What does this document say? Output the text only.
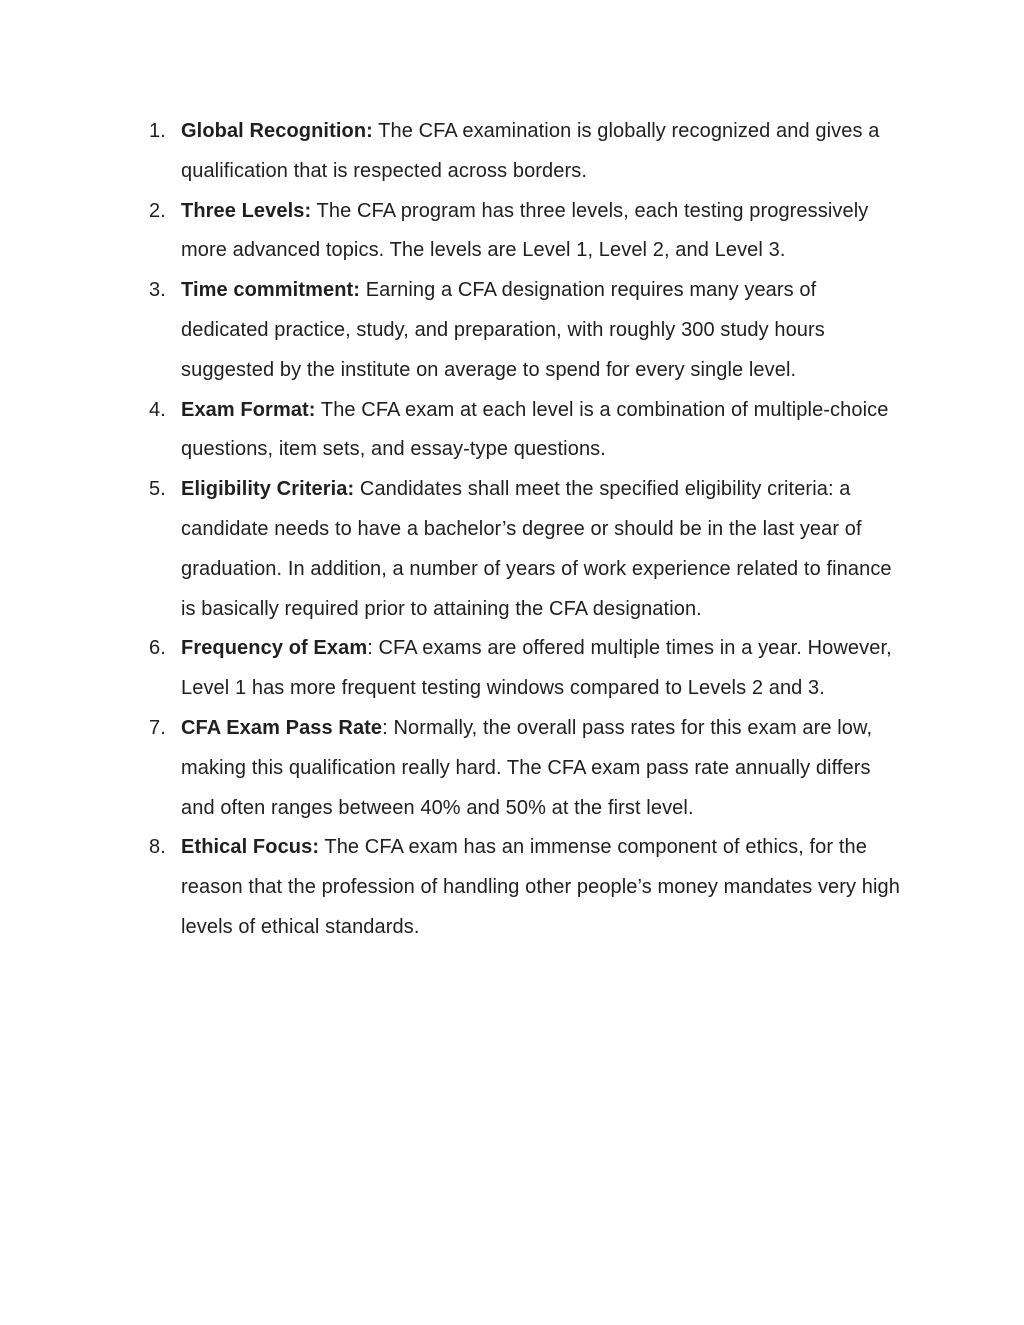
1. Global Recognition: The CFA examination is globally recognized and gives a qualification that is respected across borders.
2. Three Levels: The CFA program has three levels, each testing progressively more advanced topics. The levels are Level 1, Level 2, and Level 3.
3. Time commitment: Earning a CFA designation requires many years of dedicated practice, study, and preparation, with roughly 300 study hours suggested by the institute on average to spend for every single level.
4. Exam Format: The CFA exam at each level is a combination of multiple-choice questions, item sets, and essay-type questions.
5. Eligibility Criteria: Candidates shall meet the specified eligibility criteria: a candidate needs to have a bachelor’s degree or should be in the last year of graduation. In addition, a number of years of work experience related to finance is basically required prior to attaining the CFA designation.
6. Frequency of Exam: CFA exams are offered multiple times in a year. However, Level 1 has more frequent testing windows compared to Levels 2 and 3.
7. CFA Exam Pass Rate: Normally, the overall pass rates for this exam are low, making this qualification really hard. The CFA exam pass rate annually differs and often ranges between 40% and 50% at the first level.
8. Ethical Focus: The CFA exam has an immense component of ethics, for the reason that the profession of handling other people’s money mandates very high levels of ethical standards.
